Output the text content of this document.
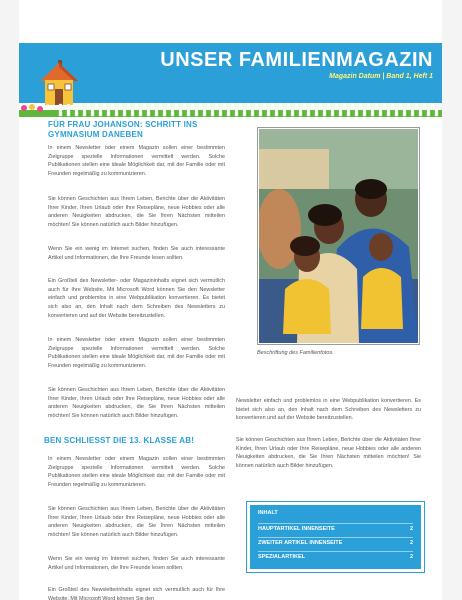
UNSER FAMILIENMAGAZIN
Magazin Datum | Band 1, Heft 1
FÜR FRAU JOHANSON: SCHRITT INS GYMNASIUM DANEBEN
In einem Newsletter oder einem Magazin sollen einer bestimmten Zielgruppe spezielle Informationen vermittelt werden. Solche Publikationen stellen eine ideale Möglichkeit dar, mit der Familie oder mit Freunden regelmäßig zu kommunizieren.
Sie können Geschichten aus Ihrem Leben, Berichte über die Aktivitäten Ihrer Kinder, Ihren Urlaub oder Ihre Reisepläne, neue Hobbies oder alle anderen Neuigkeiten abdrucken, die Sie Ihren Nächsten mitteilen möchten! Sie können natürlich auch Bilder hinzufügen.
Wenn Sie ein wenig im Internet suchen, finden Sie auch interessante Artikel und Informationen, die Ihre Freunde lesen sollten.
Ein Großteil des Newsletter- oder Magazininhalts eignet sich vermutlich auch für Ihre Website. Mit Microsoft Word können Sie den Newsletter einfach und problemlos in eine Webpublikation konvertieren. Es bietet sich also an, den Inhalt nach dem Schreiben des Newsletters zu konvertieren und auf der Website bereitzustellen.
In einem Newsletter oder einem Magazin sollen einer bestimmten Zielgruppe spezielle Informationen vermittelt werden. Solche Publikationen stellen eine ideale Möglichkeit dar, mit der Familie oder mit Freunden regelmäßig zu kommunizieren.
Sie können Geschichten aus Ihrem Leben, Berichte über die Aktivitäten Ihrer Kinder, Ihren Urlaub oder Ihre Reisepläne, neue Hobbies oder alle anderen Neuigkeiten abdrucken, die Sie Ihren Nächsten mitteilen möchten! Sie können natürlich auch Bilder hinzufügen.
BEN SCHLIESST DIE 13. KLASSE AB!
In einem Newsletter oder einem Magazin sollen einer bestimmten Zielgruppe spezielle Informationen vermittelt werden. Solche Publikationen stellen eine ideale Möglichkeit dar, mit der Familie oder mit Freunden regelmäßig zu kommunizieren.
Sie können Geschichten aus Ihrem Leben, Berichte über die Aktivitäten Ihrer Kinder, Ihren Urlaub oder Ihre Reisepläne, neue Hobbies oder alle anderen Neuigkeiten abdrucken, die Sie Ihren Nächsten mitteilen möchten! Sie können natürlich auch Bilder hinzufügen.
Wenn Sie ein wenig im Internet suchen, finden Sie auch interessante Artikel und Informationen, die Ihre Freunde lesen sollten.
Ein Großteil des Newsletterinhalts eignet sich vermutlich auch für Ihre Website. Mit Microsoft Word können Sie den
Beschriftung des Familienfotos.
Newsletter einfach und problemlos in eine Webpublikation konvertieren. Es bietet sich also an, den Inhalt nach dem Schreiben des Newsletters zu konvertieren und auf der Website bereitzustellen.
Sie können Geschichten aus Ihrem Leben, Berichte über die Aktivitäten Ihrer Kinder, Ihren Urlaub oder Ihre Reisepläne, neue Hobbies oder alle anderen Neuigkeiten abdrucken, die Sie Ihren Nächsten mitteilen möchten! Sie können natürlich auch Bilder hinzufügen.
INHALT
HAUPTARTIKEL INNENSEITE	2
ZWEITER ARTIKEL INNENSEITE	2
SPEZIALARTIKEL	2
